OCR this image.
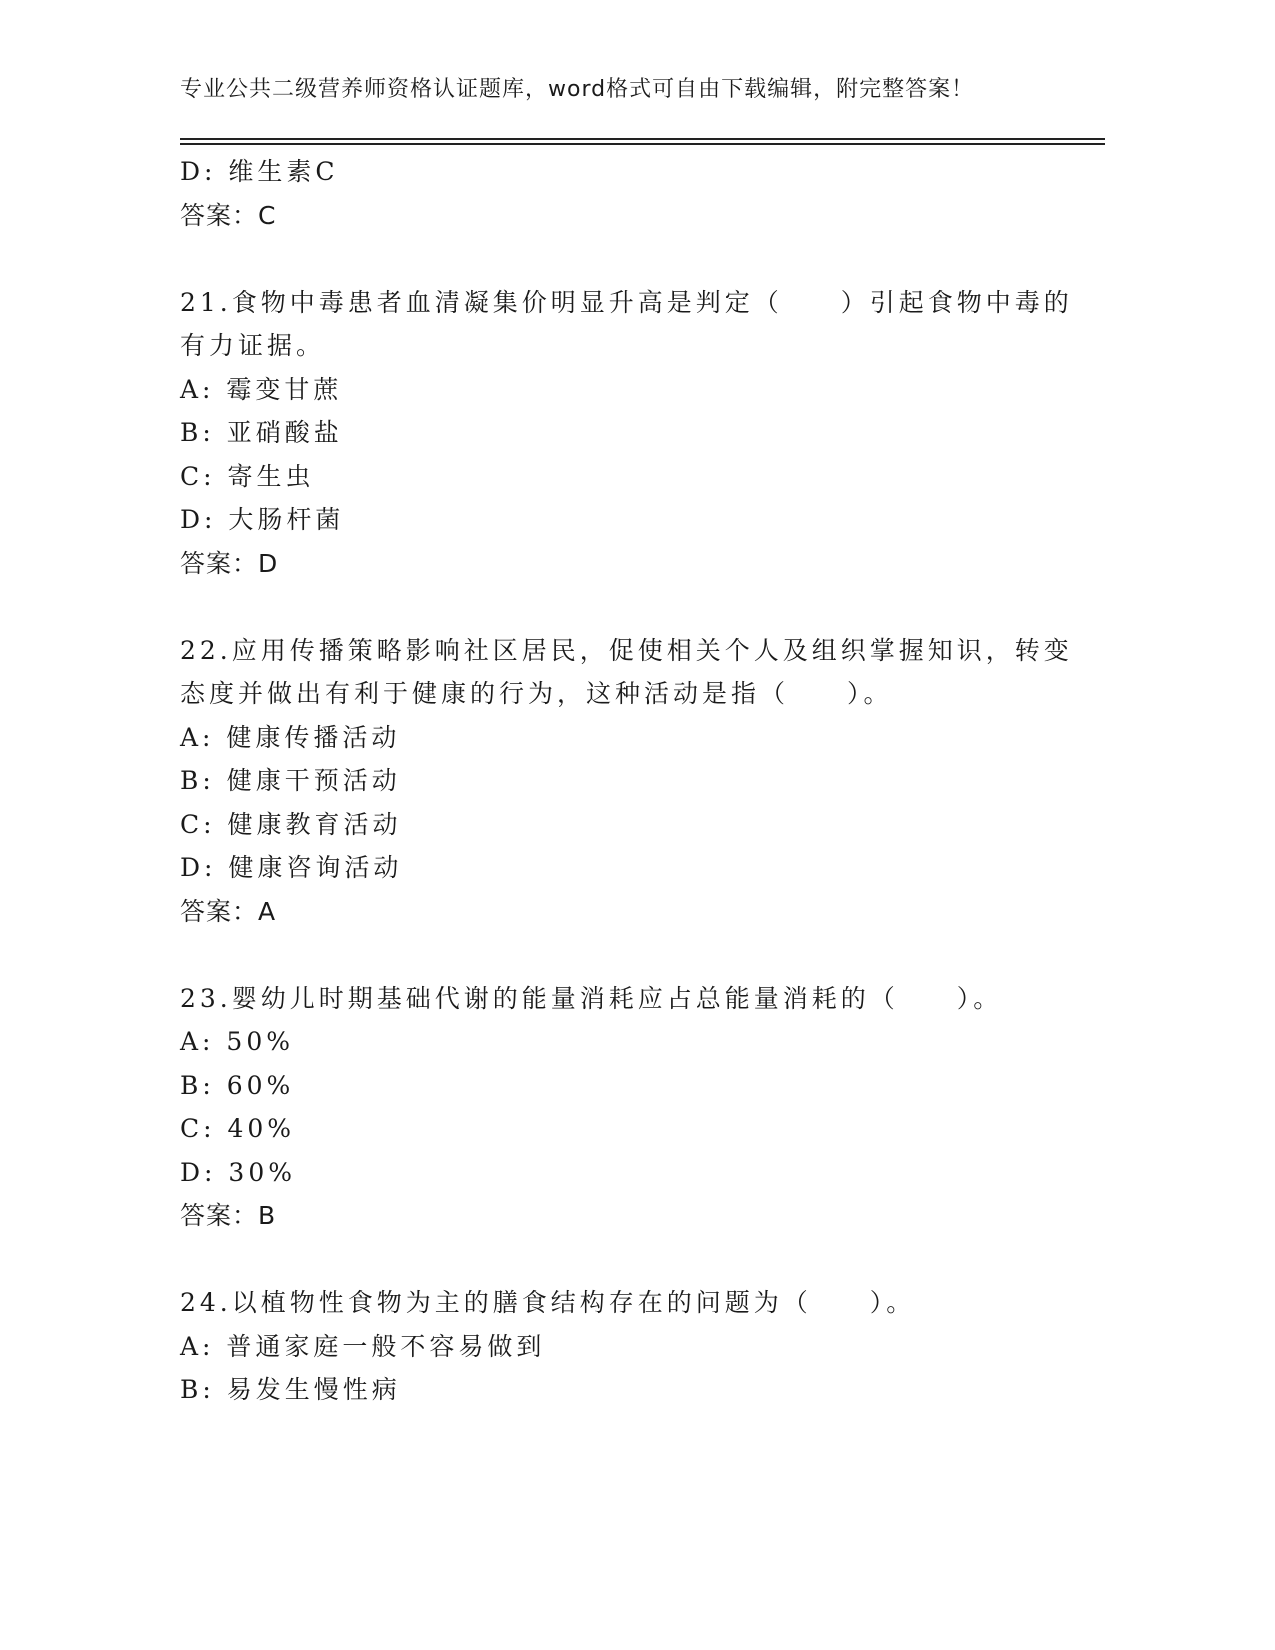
专业公共二级营养师资格认证题库，word格式可自由下载编辑，附完整答案！
D: 维生素C
答案：C
21.食物中毒患者血清凝集价明显升高是判定（　　）引起食物中毒的
有力证据。
A: 霉变甘蔗
B: 亚硝酸盐
C: 寄生虫
D: 大肠杆菌
答案：D
22.应用传播策略影响社区居民，促使相关个人及组织掌握知识，转变
态度并做出有利于健康的行为，这种活动是指（　　）。
A: 健康传播活动
B: 健康干预活动
C: 健康教育活动
D: 健康咨询活动
答案：A
23.婴幼儿时期基础代谢的能量消耗应占总能量消耗的（　　）。
A: 50%
B: 60%
C: 40%
D: 30%
答案：B
24.以植物性食物为主的膳食结构存在的问题为（　　）。
A: 普通家庭一般不容易做到
B: 易发生慢性病
